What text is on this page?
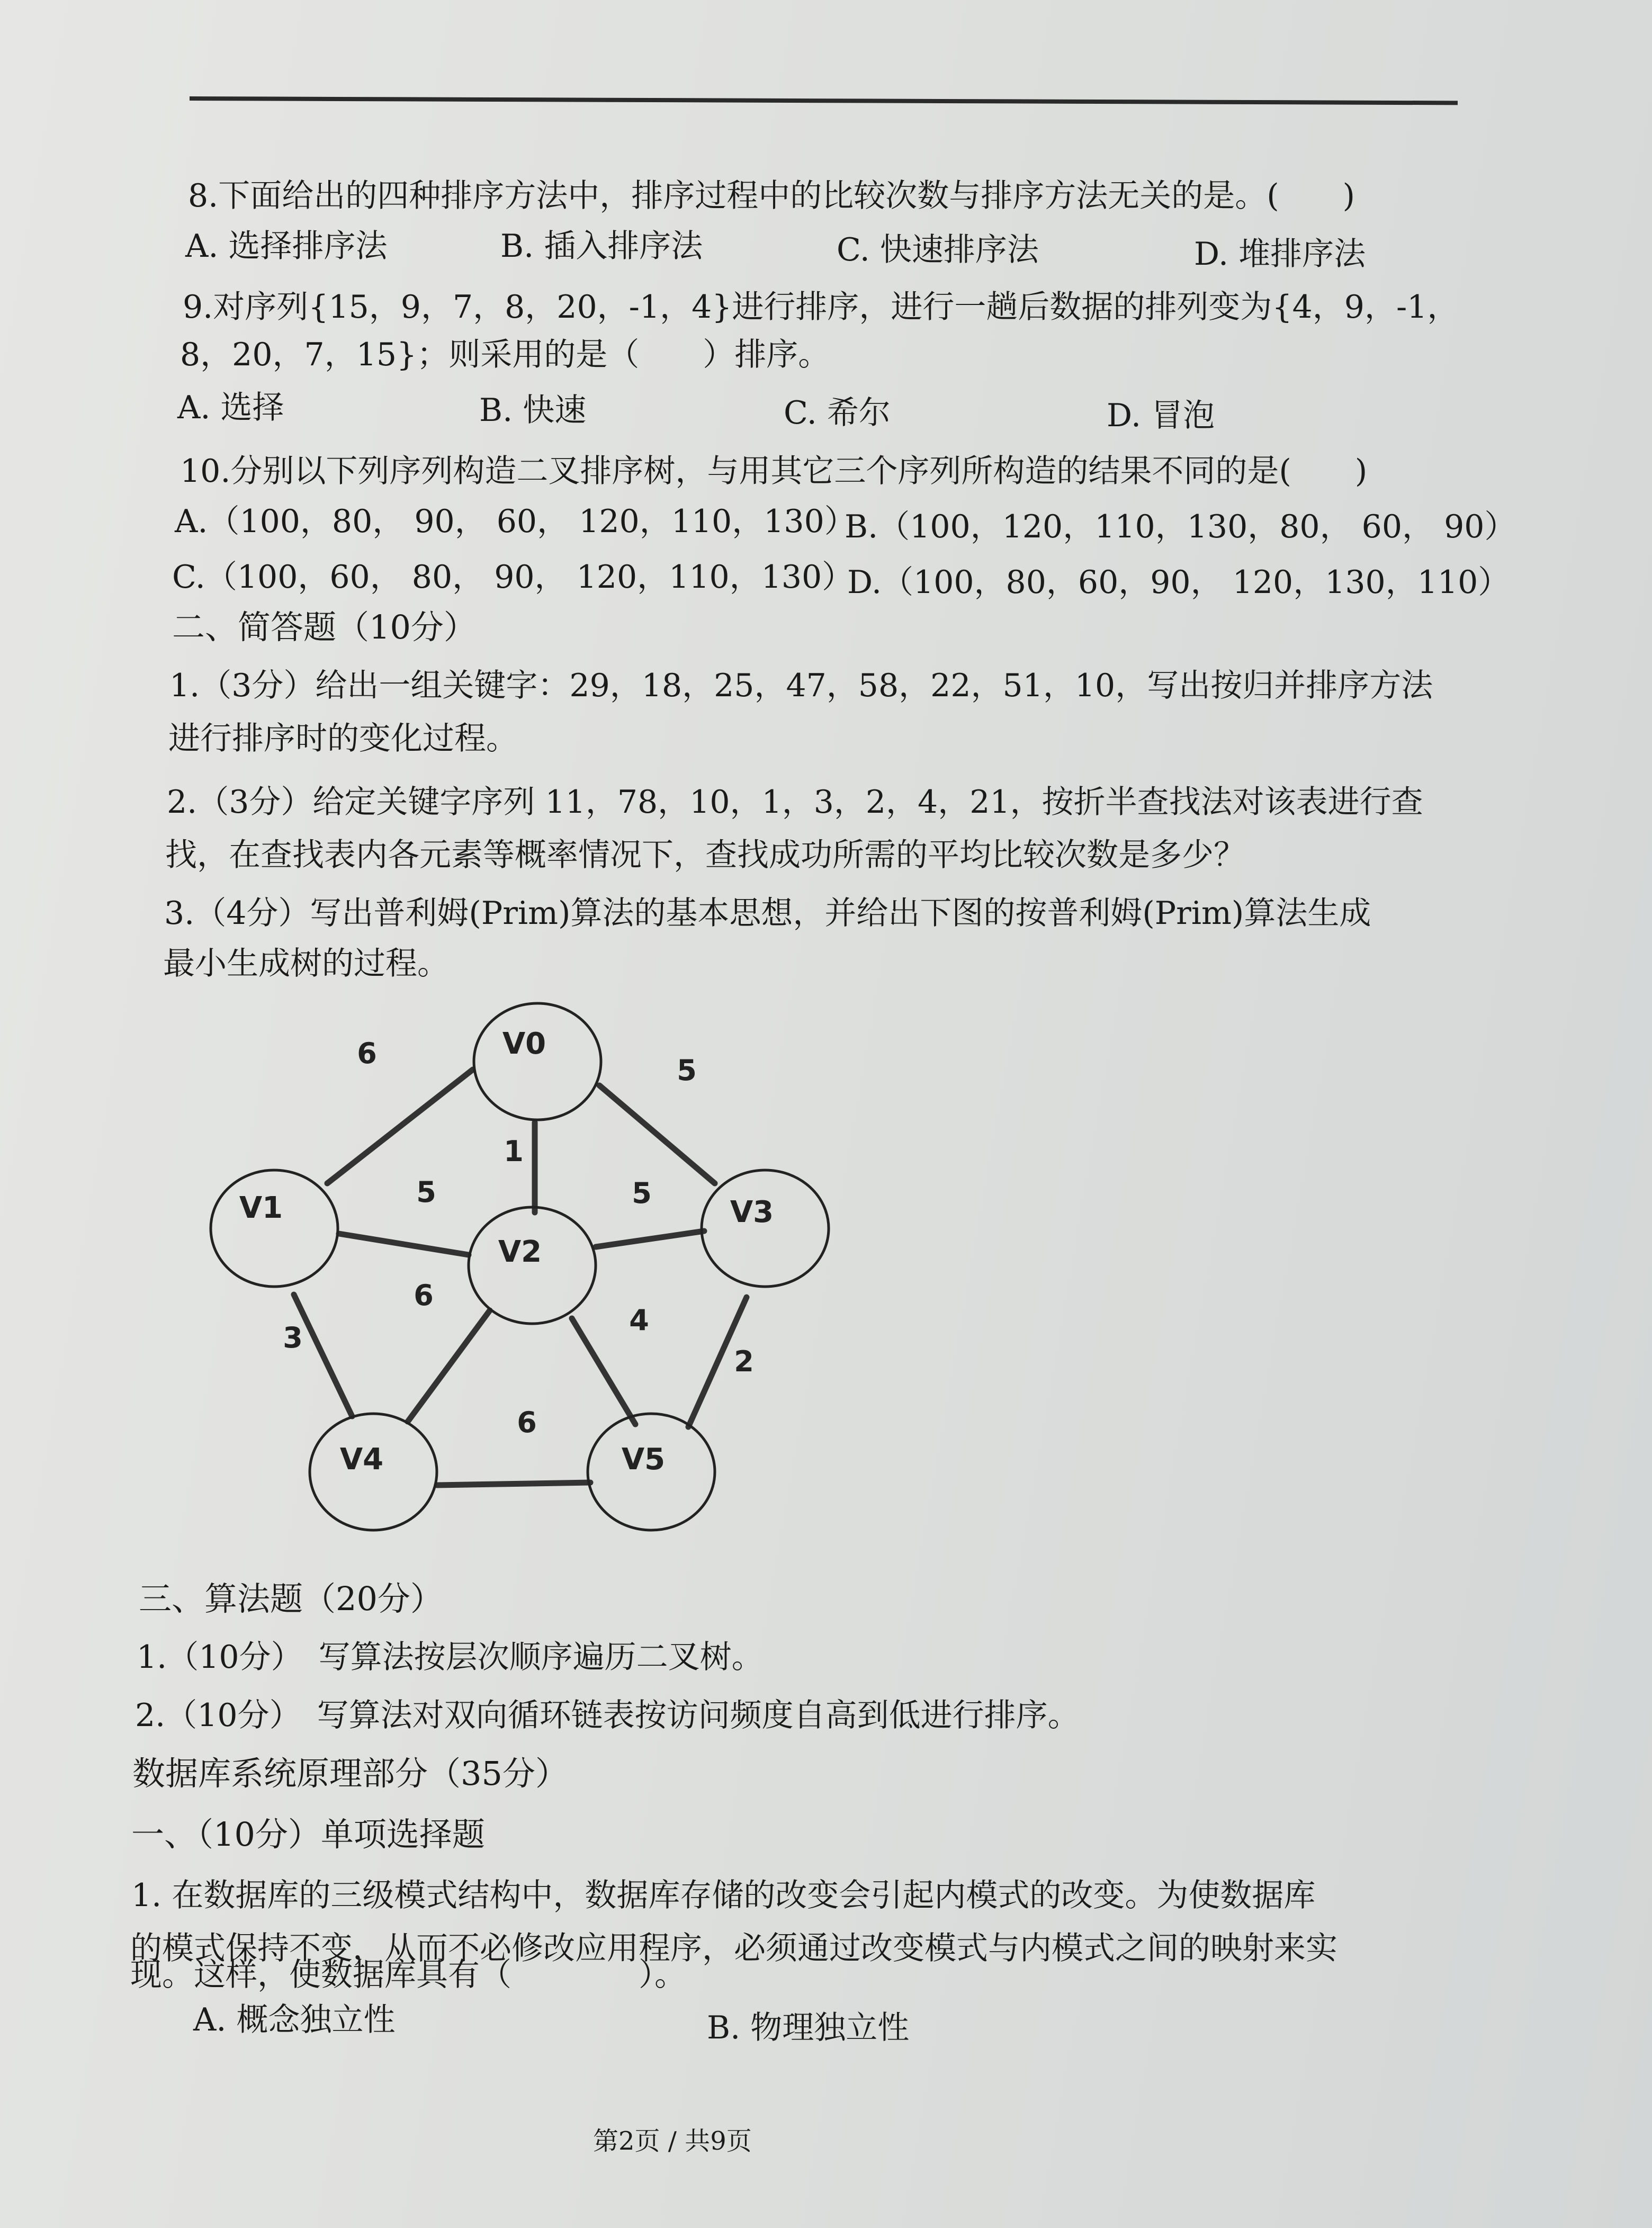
8.下面给出的四种排序方法中，排序过程中的比较次数与排序方法无关的是。(　　)
A. 选择排序法	B. 插入排序法	C. 快速排序法	D. 堆排序法
9.对序列{15，9，7，8，20，-1，4}进行排序，进行一趟后数据的排列变为{4，9，-1，
8，20，7，15}；则采用的是（　　）排序。
A. 选择	B. 快速	C. 希尔	D. 冒泡
10.分别以下列序列构造二叉排序树，与用其它三个序列所构造的结果不同的是(　　)
A.（100，80， 90， 60， 120，110，130）
B.（100，120，110，130，80， 60， 90）
C.（100，60， 80， 90， 120，110，130）
D.（100，80，60，90， 120，130，110）
二、简答题（10分）
1.（3分）给出一组关键字：29，18，25，47，58，22，51，10，写出按归并排序方法
进行排序时的变化过程。
2.（3分）给定关键字序列 11，78，10，1，3，2，4，21，按折半查找法对该表进行查
找，在查找表内各元素等概率情况下，查找成功所需的平均比较次数是多少？
3.（4分）写出普利姆(Prim)算法的基本思想，并给出下图的按普利姆(Prim)算法生成
最小生成树的过程。
V0
V1
V2
V3
V4	V5
6
5
1
5	5
6
4
3
2
6
三、算法题（20分）
1.（10分）　写算法按层次顺序遍历二叉树。
2.（10分）　写算法对双向循环链表按访问频度自高到低进行排序。
数据库系统原理部分（35分）
一、（10分）单项选择题
1. 在数据库的三级模式结构中，数据库存储的改变会引起内模式的改变。为使数据库
的模式保持不变，从而不必修改应用程序，必须通过改变模式与内模式之间的映射来实
现。这样，使数据库具有（　　　　）。
A. 概念独立性	B. 物理独立性
第2页 / 共9页
